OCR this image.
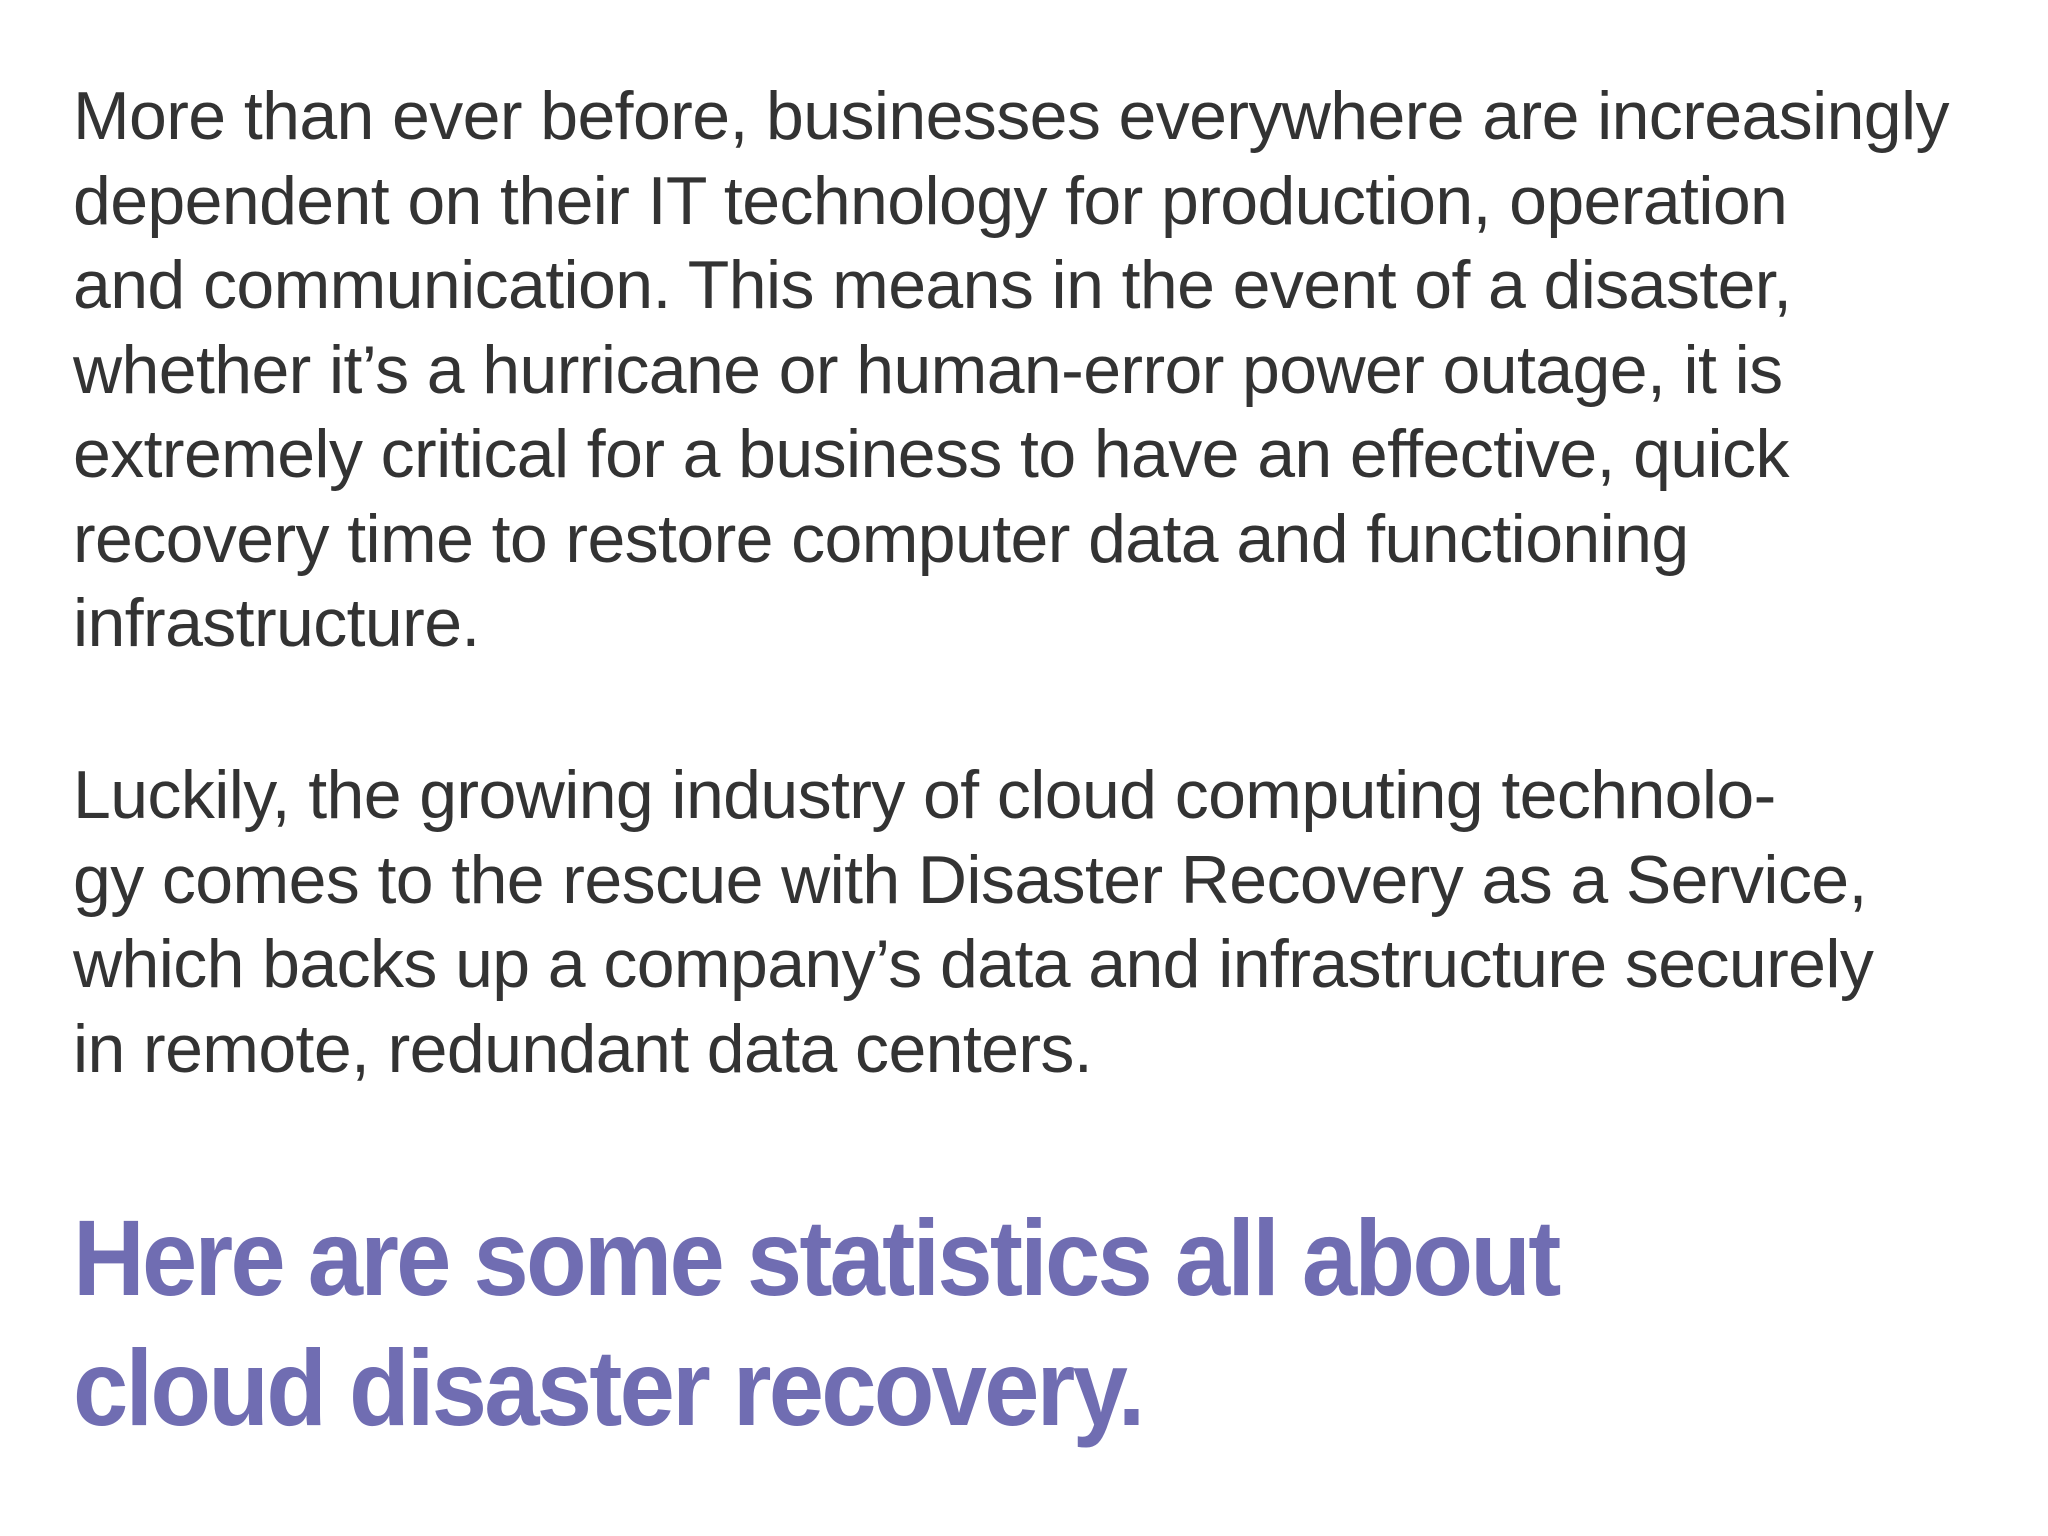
More than ever before, businesses everywhere are increasingly
dependent on their IT technology for production, operation
and communication. This means in the event of a disaster,
whether it’s a hurricane or human-error power outage, it is
extremely critical for a business to have an effective, quick
recovery time to restore computer data and functioning
infrastructure.

Luckily, the growing industry of cloud computing technolo-
gy comes to the rescue with Disaster Recovery as a Service,
which backs up a company’s data and infrastructure securely
in remote, redundant data centers.

Here are some statistics all about
cloud disaster recovery.
